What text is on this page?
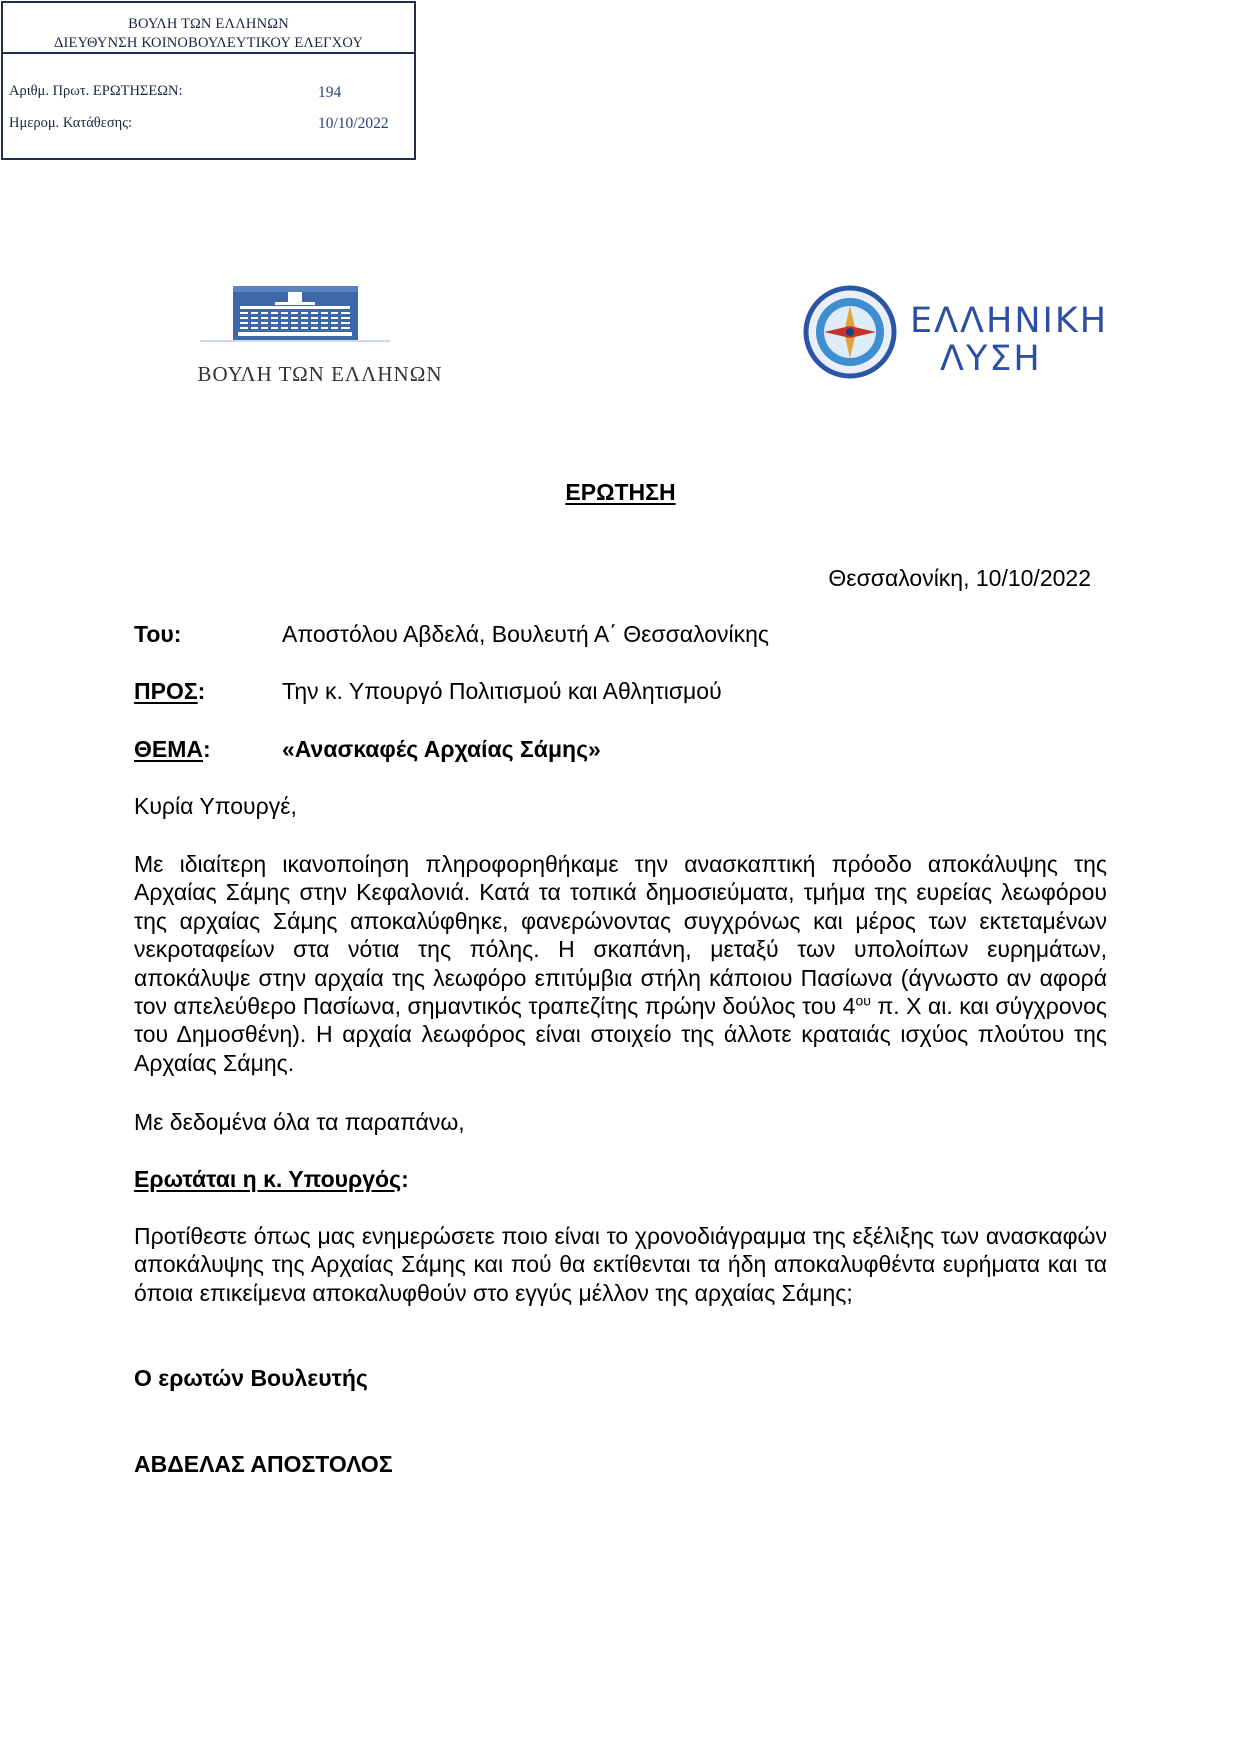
ΒΟΥΛΗ ΤΩΝ ΕΛΛΗΝΩΝ
ΔΙΕΥΘΥΝΣΗ ΚΟΙΝΟΒΟΥΛΕΥΤΙΚΟΥ ΕΛΕΓΧΟΥ
Αριθμ. Πρωτ. ΕΡΩΤΗΣΕΩΝ:	194
Ημερομ. Κατάθεσης:	10/10/2022
ΒΟΥΛΗ ΤΩΝ ΕΛΛΗΝΩΝ
ΕΛΛΗΝΙΚΗ
ΛΥΣΗ
ΕΡΩΤΗΣΗ
Θεσσαλονίκη, 10/10/2022
Του:	Αποστόλου Αβδελά, Βουλευτή Α΄ Θεσσαλονίκης
ΠΡΟΣ:	Την κ. Υπουργό Πολιτισμού και Αθλητισμού
ΘΕΜΑ:	«Ανασκαφές Αρχαίας Σάμης»
Κυρία Υπουργέ,
Με ιδιαίτερη ικανοποίηση πληροφορηθήκαμε την ανασκαπτική πρόοδο αποκάλυψης της Αρχαίας Σάμης στην Κεφαλονιά. Κατά τα τοπικά δημοσιεύματα, τμήμα της ευρείας λεωφόρου της αρχαίας Σάμης αποκαλύφθηκε, φανερώνοντας συγχρόνως και μέρος των εκτεταμένων νεκροταφείων στα νότια της πόλης. Η σκαπάνη, μεταξύ των υπολοίπων ευρημάτων, αποκάλυψε στην αρχαία της λεωφόρο επιτύμβια στήλη κάποιου Πασίωνα (άγνωστο αν αφορά τον απελεύθερο Πασίωνα, σημαντικός τραπεζίτης πρώην δούλος του $4^{o\upsilon}$ π. Χ αι. και σύγχρονος του Δημοσθένη). Η αρχαία λεωφόρος είναι στοιχείο της άλλοτε κραταιάς ισχύος πλούτου της Αρχαίας Σάμης.
Με δεδομένα όλα τα παραπάνω,
Ερωτάται η κ. Υπουργός:
Προτίθεστε όπως μας ενημερώσετε ποιο είναι το χρονοδιάγραμμα της εξέλιξης των ανασκαφών αποκάλυψης της Αρχαίας Σάμης και πού θα εκτίθενται τα ήδη αποκαλυφθέντα ευρήματα και τα όποια επικείμενα αποκαλυφθούν στο εγγύς μέλλον της αρχαίας Σάμης;
Ο ερωτών Βουλευτής
ΑΒΔΕΛΑΣ ΑΠΟΣΤΟΛΟΣ
